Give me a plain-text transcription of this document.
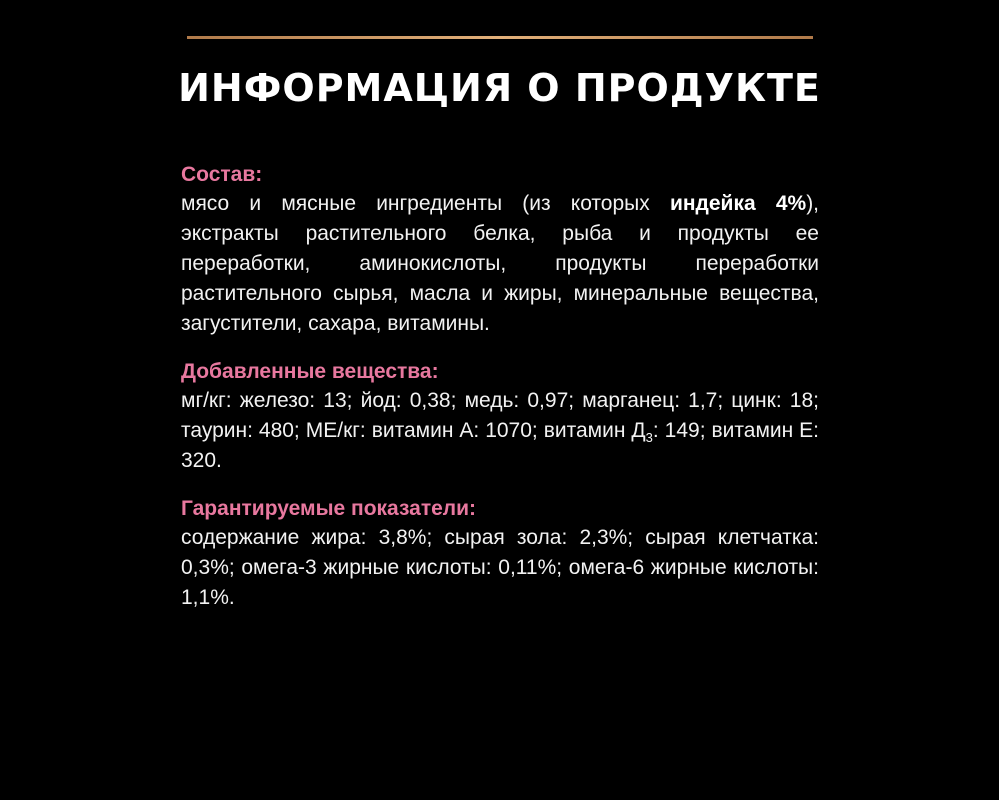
ИНФОРМАЦИЯ О ПРОДУКТЕ
Состав:
мясо и мясные ингредиенты (из которых индейка 4%), экстракты растительного белка, рыба и продукты ее переработки, аминокислоты, продукты переработки растительного сырья, масла и жиры, минеральные вещества, загустители, сахара, витамины.
Добавленные вещества:
мг/кг: железо: 13; йод: 0,38; медь: 0,97; марганец: 1,7; цинк: 18; таурин: 480; МЕ/кг: витамин А: 1070; витамин $Д_3$: 149; витамин Е: 320.
Гарантируемые показатели:
содержание жира: 3,8%; сырая зола: 2,3%; сырая клетчатка: 0,3%; омега-3 жирные кислоты: 0,11%; омега-6 жирные кислоты: 1,1%.
